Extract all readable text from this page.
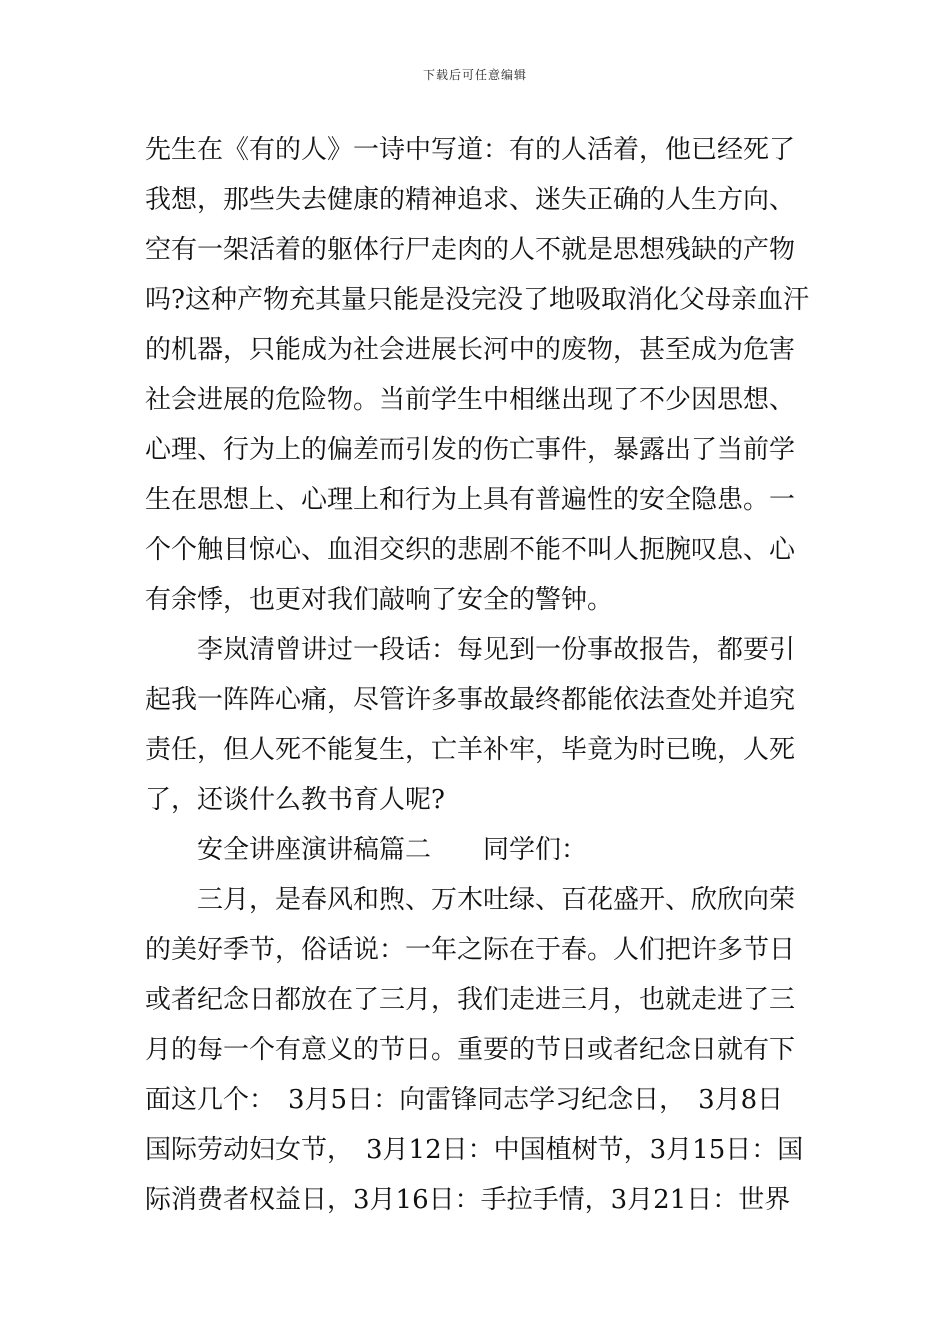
下载后可任意编辑
先生在《有的人》一诗中写道：有的人活着，他已经死了
我想，那些失去健康的精神追求、迷失正确的人生方向、
空有一架活着的躯体行尸走肉的人不就是思想残缺的产物
吗?这种产物充其量只能是没完没了地吸取消化父母亲血汗
的机器，只能成为社会进展长河中的废物，甚至成为危害
社会进展的危险物。当前学生中相继出现了不少因思想、
心理、行为上的偏差而引发的伤亡事件，暴露出了当前学
生在思想上、心理上和行为上具有普遍性的安全隐患。一
个个触目惊心、血泪交织的悲剧不能不叫人扼腕叹息、心
有余悸，也更对我们敲响了安全的警钟。
　　李岚清曾讲过一段话：每见到一份事故报告，都要引
起我一阵阵心痛，尽管许多事故最终都能依法查处并追究
责任，但人死不能复生，亡羊补牢，毕竟为时已晚，人死
了，还谈什么教书育人呢?
　　安全讲座演讲稿篇二　　同学们：
　　三月，是春风和煦、万木吐绿、百花盛开、欣欣向荣
的美好季节，俗话说：一年之际在于春。人们把许多节日
或者纪念日都放在了三月，我们走进三月，也就走进了三
月的每一个有意义的节日。重要的节日或者纪念日就有下
面这几个：　3月5日：向雷锋同志学习纪念日，　3月8日
国际劳动妇女节，　3月12日：中国植树节，3月15日：国
际消费者权益日，3月16日：手拉手情，3月21日：世界
